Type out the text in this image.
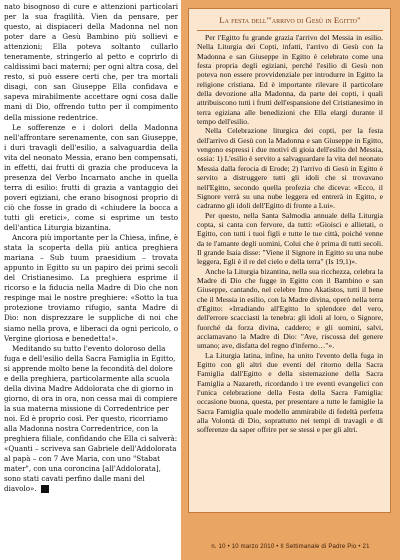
nato bisognoso di cure e attenzioni particolari per la sua fragilità. Vien da pensare, per questo, ai dispiaceri della Madonna nel non poter dare a Gesù Bambino più sollievi e attenzioni; Ella poteva soltanto cullarlo teneramente, stringerlo al petto e coprirlo di caldissimi baci materni; per ogni altra cosa, del resto, si può essere certi che, per tra mortali disagi, con san Giuseppe Ella confidava e sapeva mirabilmente accettare ogni cosa dalle mani di Dio, offrendo tutto per il compimento della missione redentrice.

Le sofferenze e i dolori della Madonna nell'affrontare serenamente, con san Giuseppe, i duri travagli dell'esilio, a salvaguardia della vita del neonato Messia, erano ben compensati, in effetti, dai frutti di grazia che produceva la presenza del Verbo Incarnato anche in quella terra di esilio: frutti di grazia a vantaggio dei poveri egiziani, che erano bisognosi proprio di ciò che fosse in grado di «chiudere la bocca a tutti gli eretici», come si esprime un testo dell'antica Liturgia bizantina.

Ancora più importante per la Chiesa, infine, è stata la scoperta della più antica preghiera mariana – Sub tuum praesidium – trovata appunto in Egitto su un papiro dei primi secoli del Cristianesimo. La preghiera esprime il ricorso e la fiducia nella Madre di Dio che non respinge mai le nostre preghiere: «Sotto la tua protezione troviamo rifugio, santa Madre di Dio: non disprezzare le suppliche di noi che siamo nella prova, e liberaci da ogni pericolo, o Vergine gloriosa e benedetta!».

Meditando su tutto l'evento doloroso della fuga e dell'esilio della Sacra Famiglia in Egitto, si apprende molto bene la fecondità del dolore e della preghiera, particolarmente alla scuola della divina Madre Addolorata che di giorno in giorno, di ora in ora, non cessa mai di compiere la sua materna missione di Corredentrice per noi. Ed è proprio così. Per questo, ricorriamo alla Madonna nostra Corredentrice, con la preghiera filiale, confidando che Ella ci salverà: «Quanti – scriveva san Gabriele dell'Addolorata al papà – con 7 Ave Maria, con uno "Stabat mater", con una coroncina [all'Addolorata], sono stati cavati perfino dalle mani del diavolo».

La festa dell'"arrivo di Gesù in Egitto"

Per l'Egitto fu grande grazia l'arrivo del Messia in esilio. Nella Liturgia dei Copti, infatti, l'arrivo di Gesù con la Madonna e san Giuseppe in Egitto è celebrato come una festa propria degli egiziani, perché l'esilio di Gesù non poteva non essere provvidenziale per introdurre in Egitto la religione cristiana. Ed è importante rilevare il particolare della devozione alla Madonna, da parte dei copti, i quali attribuiscono tutti i frutti dell'espansione del Cristianesimo in terra egiziana alle benedizioni che Ella elargì durante il tempo dell'esilio.

Nella Celebrazione liturgica dei copti, per la festa dell'arrivo di Gesù con la Madonna e san Giuseppe in Egitto, vengono espressi i due motivi di gioia dell'esilio del Messia, ossia: 1) L'esilio è servito a salvaguardare la vita del neonato Messia dalla ferocia di Erode; 2) l'arrivo di Gesù in Egitto è servito a distruggere tutti gli idoli che si trovavano nell'Egitto, secondo quella profezia che diceva: «Ecco, il Signore verrà su una nube leggera ed entrerà in Egitto, e cadranno gli idoli dell'Egitto di fronte a Lui».

Per questo, nella Santa Salmodia annuale della Liturgia copta, si canta con fervore, da tutti: «Gioisci e allietati, o Egitto, con tutti i tuoi figli e tutte le tue città, poiché venne da te l'amante degli uomini, Colui che è prima di tutti secoli. Il grande Isaia disse: "Viene il Signore in Egitto su una nube leggera, Egli è il re del cielo e della terra" (Is 19,1)».

Anche la Liturgia bizantina, nella sua ricchezza, celebra la Madre di Dio che fugge in Egitto con il Bambino e san Giuseppe, cantando, nel celebre Inno Akatistos, tutti il bene che il Messia in esilio, con la Madre divina, operò nella terra d'Egitto: «Irradiando all'Egitto lo splendore del vero, dell'errore scacciasti la tenebra: gli idoli al loro, o Signore, fuorché da forza divina, caddero; e gli uomini, salvi, acclamavano la Madre di Dio: "Ave, riscossa del genere umano; ave, disfatta del regno d'inferno…"».

La Liturgia latina, infine, ha unito l'evento della fuga in Egitto con gli altri due eventi del ritorno della Sacra Famiglia dall'Egitto e della sistemazione della Sacra Famiglia a Nazareth, ricordando i tre eventi evangelici con l'unica celebrazione della Festa della Sacra Famiglia: occasione buona, questa, per presentare a tutte le famiglie la Sacra Famiglia quale modello ammirabile di fedeltà perfetta alla Volontà di Dio, soprattutto nei tempi di travagli e di sofferenze da saper offrire per se stessi e per gli altri.

n. 10 • 10 marzo 2010 • Il Settimanale di Padre Pio • 21
